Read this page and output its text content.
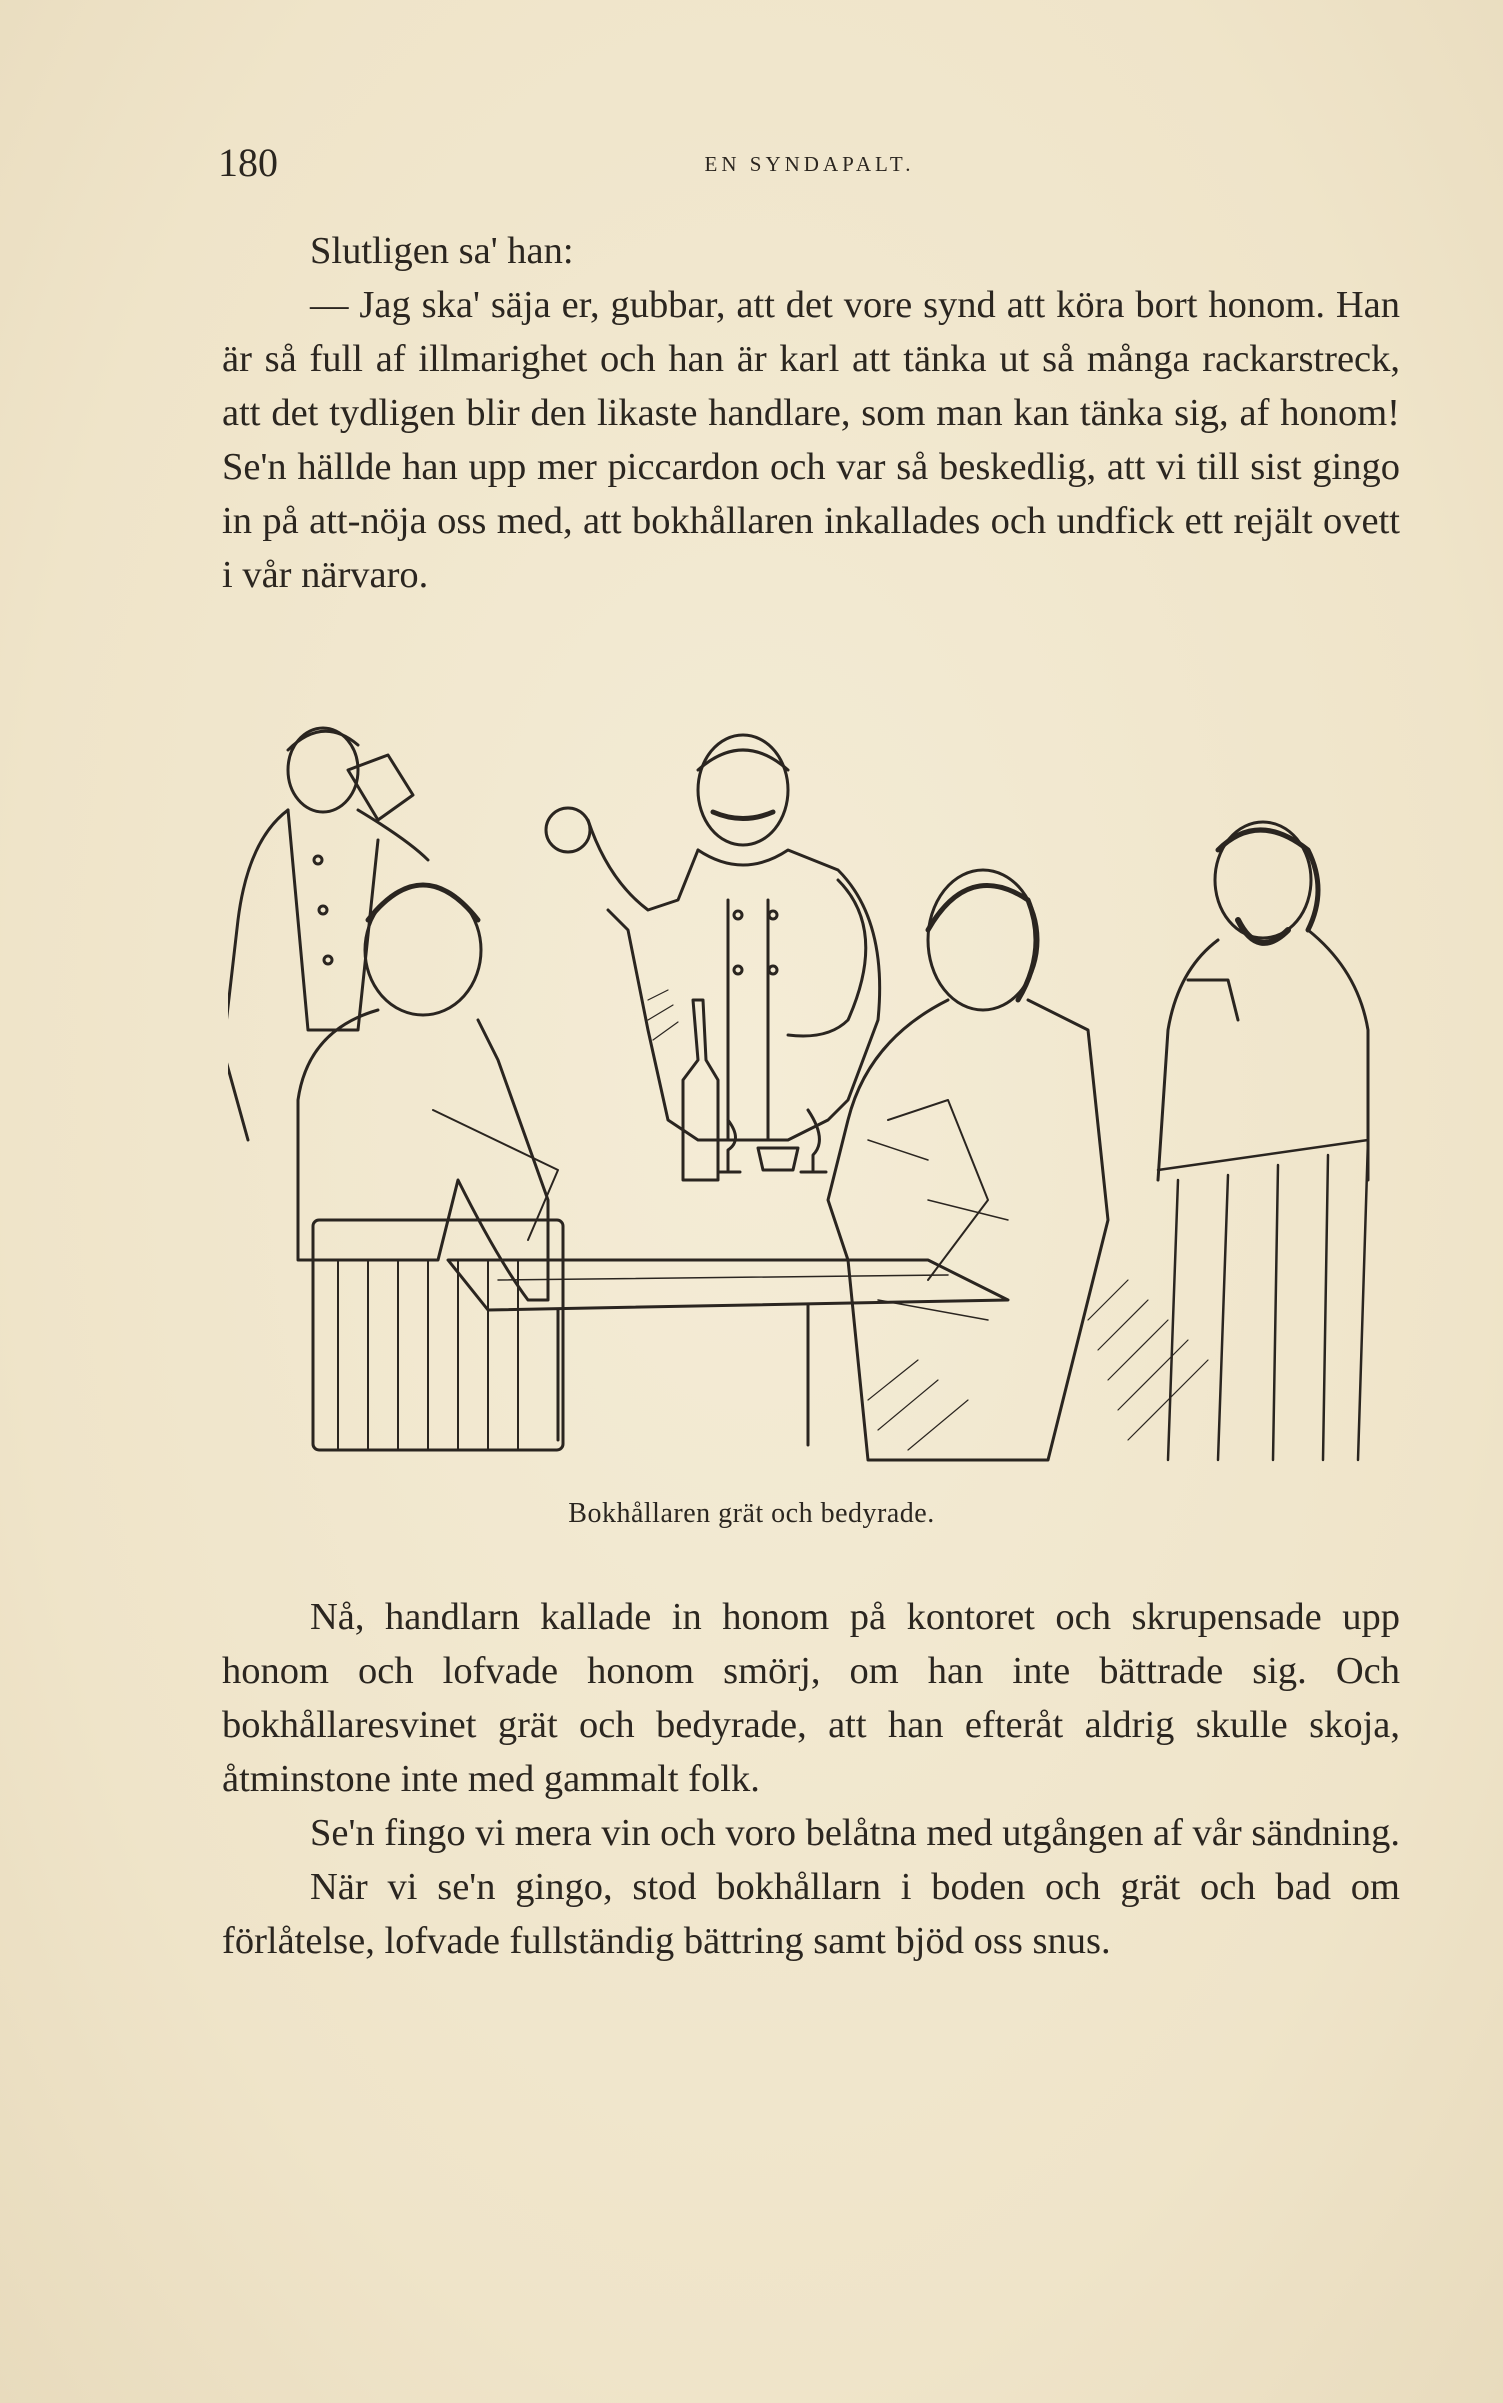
180	EN SYNDAPALT.

Slutligen sa' han:

— Jag ska' säja er, gubbar, att det vore synd att köra bort honom. Han är så full af illmarighet och han är karl att tänka ut så många rackarstreck, att det tydligen blir den likaste handlare, som man kan tänka sig, af honom! Se'n hällde han upp mer piccardon och var så beskedlig, att vi till sist gingo in på att-nöja oss med, att bokhållaren inkallades och undfick ett rejält ovett i vår närvaro.

Bokhållaren grät och bedyrade.

Nå, handlarn kallade in honom på kontoret och skrupensade upp honom och lofvade honom smörj, om han inte bättrade sig. Och bokhållaresvinet grät och bedyrade, att han efteråt aldrig skulle skoja, åtminstone inte med gammalt folk.

Se'n fingo vi mera vin och voro belåtna med utgången af vår sändning.

När vi se'n gingo, stod bokhållarn i boden och grät och bad om förlåtelse, lofvade fullständig bättring samt bjöd oss snus.
